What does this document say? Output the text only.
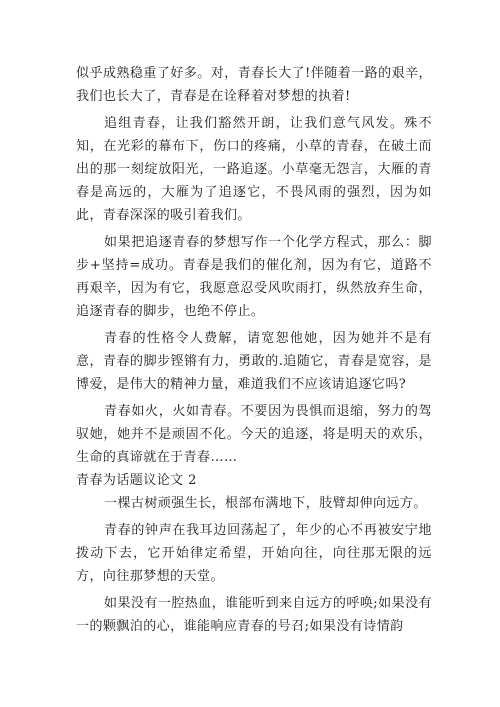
似乎成熟稳重了好多。对，青春长大了!伴随着一路的艰辛，我们也长大了，青春是在诠释着对梦想的执着!

追组青春，让我们豁然开朗，让我们意气风发。殊不知，在光彩的幕布下，伤口的疼痛，小草的青春，在破土而出的那一刻绽放阳光，一路追逐。小草毫无怨言，大雁的青春是高远的，大雁为了追逐它，不畏风雨的强烈，因为如此，青春深深的吸引着我们。

如果把追逐青春的梦想写作一个化学方程式，那么：脚步+坚持=成功。青春是我们的催化剂，因为有它，道路不再艰辛，因为有它，我愿意忍受风吹雨打，纵然放弃生命，追逐青春的脚步，也绝不停止。

青春的性格令人费解，请宽恕他她，因为她并不是有意，青春的脚步铿锵有力，勇敢的.追随它，青春是宽容，是博爱，是伟大的精神力量，难道我们不应该请追逐它吗?

青春如火，火如青春。不要因为畏惧而退缩，努力的驾驭她，她并不是顽固不化。今天的追逐，将是明天的欢乐，生命的真谛就在于青春……

青春为话题议论文 2

一棵古树顽强生长，根部布满地下，肢臂却伸向远方。

青春的钟声在我耳边回荡起了，年少的心不再被安宁地拨动下去，它开始律定希望，开始向往，向往那无限的远方，向往那梦想的天堂。

如果没有一腔热血，谁能听到来自远方的呼唤;如果没有一的颗飘泊的心，谁能响应青春的号召;如果没有诗情韵
